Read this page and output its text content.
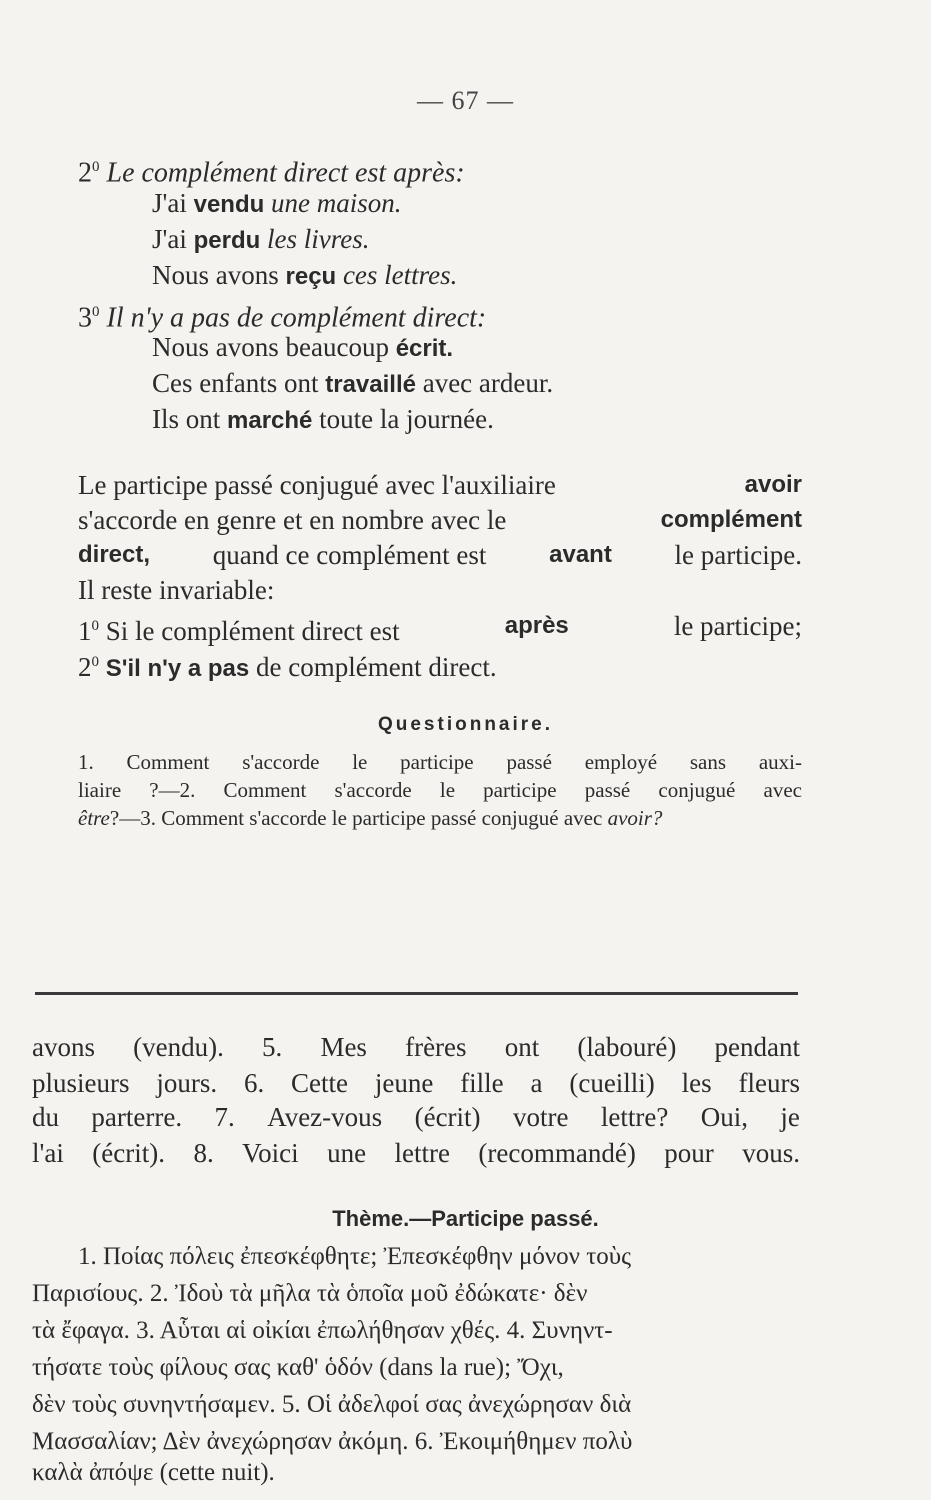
— 67 —
$2^0$ Le complément direct est après:
J'ai vendu une maison.
J'ai perdu les livres.
Nous avons reçu ces lettres.
$3^0$ Il n'y a pas de complément direct:
Nous avons beaucoup écrit.
Ces enfants ont travaillé avec ardeur.
Ils ont marché toute la journée.
Le participe passé conjugué avec l'auxiliaire	avoir
s'accorde en genre et en nombre avec le	complément
direct, quand ce complément est	avant le participe.
Il reste invariable:
$1^0$ Si le complément direct est	après	le participe;
$2^0$ S'il n'y a pas de complément direct.
Questionnaire.
1. Comment s'accorde le participe passé employé sans auxi-
liaire ?—2. Comment s'accorde le participe passé conjugué avec
être?—3. Comment s'accorde le participe passé conjugué avec avoir?
avons (vendu). 5. Mes frères ont (labouré) pendant
plusieurs jours. 6. Cette jeune fille a (cueilli) les fleurs
du parterre. 7. Avez-vous (écrit) votre lettre? Oui, je
l'ai (écrit). 8. Voici une lettre (recommandé) pour vous.
Thème.—Participe passé.
1. Ποίας πόλεις ἐπεσκέφθητε; Ἐπεσκέφθην μόνον τοὺς
Παρισίους. 2. Ἰδοὺ τὰ μῆλα τὰ ὁποῖα μοῦ ἐδώκατε· δὲν
τὰ ἔφαγα. 3. Αὗται αἱ οἰκίαι ἐπωλήθησαν χθές. 4. Συνηντ-
τήσατε τοὺς φίλους σας καθ' ὁδόν (dans la rue); Ὄχι,
δὲν τοὺς συνηντήσαμεν. 5. Οἱ ἀδελφοί σας ἀνεχώρησαν διὰ
Μασσαλίαν; Δὲν ἀνεχώρησαν ἀκόμη. 6. Ἐκοιμήθημεν πολὺ
καλὰ ἀπόψε (cette nuit).
